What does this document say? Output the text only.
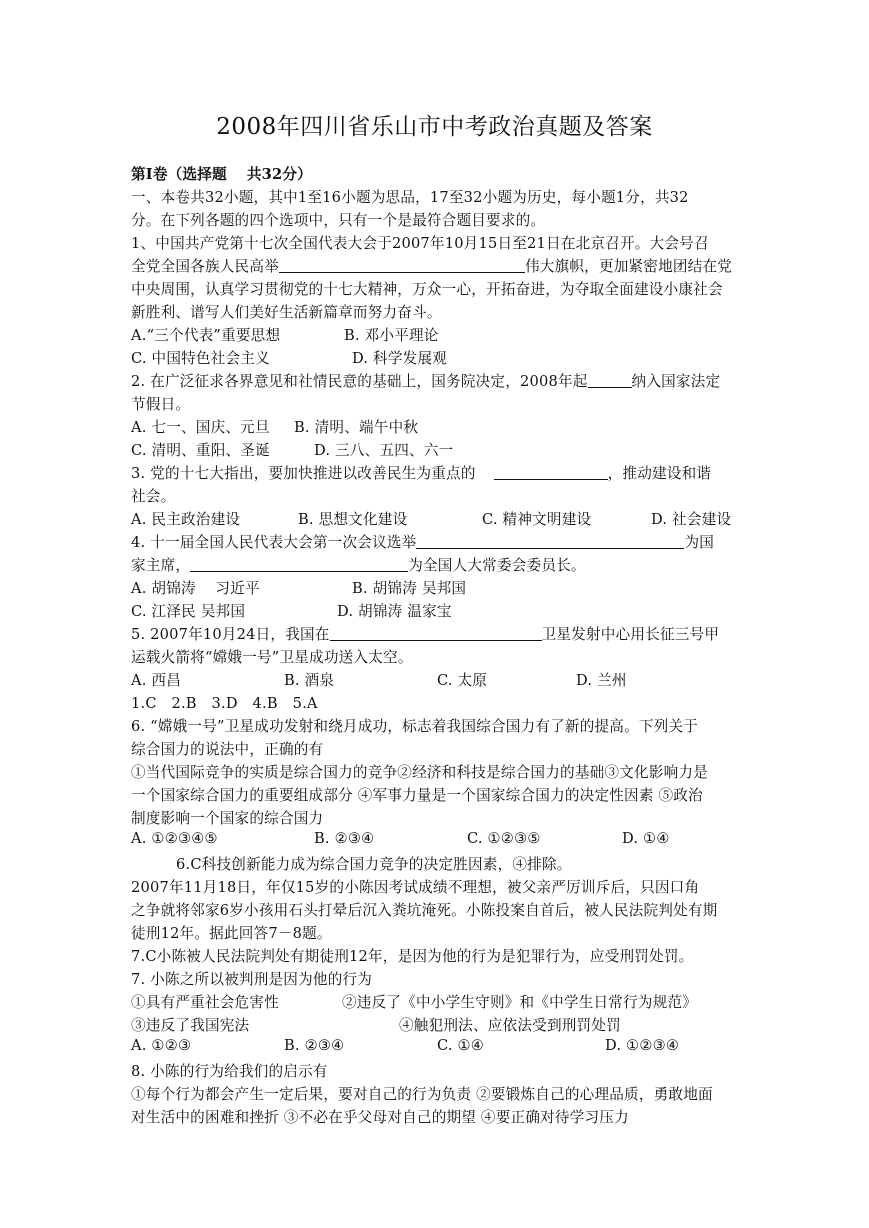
2008年四川省乐山市中考政治真题及答案
第Ⅰ卷（选择题　 共32分）
一、本卷共32小题，其中1至16小题为思品，17至32小题为历史，每小题1分，共32
分。在下列各题的四个选项中，只有一个是最符合题目要求的。
1、中国共产党第十七次全国代表大会于2007年10月15日至21日在北京召开。大会号召
全党全国各族人民高举	伟大旗帜，更加紧密地团结在党
中央周围，认真学习贯彻党的十七大精神，万众一心，开拓奋进，为夺取全面建设小康社会
新胜利、谱写人们美好生活新篇章而努力奋斗。
A.“三个代表”重要思想	B. 邓小平理论
C. 中国特色社会主义	D. 科学发展观
2. 在广泛征求各界意见和社情民意的基础上，国务院决定，2008年起	纳入国家法定
节假日。
A. 七一、国庆、元旦 B. 清明、端午中秋
C. 清明、重阳、圣诞	D. 三八、五四、六一
3. 党的十七大指出，要加快推进以改善民生为重点的	，推动建设和谐
社会。
A. 民主政治建设	B. 思想文化建设	C. 精神文明建设	D. 社会建设
4. 十一届全国人民代表大会第一次会议选举	为国
家主席，	为全国人大常委会委员长。
A. 胡锦涛　 习近平	B. 胡锦涛 吴邦国
C. 江泽民 吴邦国	D. 胡锦涛 温家宝
5. 2007年10月24日，我国在	卫星发射中心用长征三号甲
运载火箭将“嫦娥一号”卫星成功送入太空。
A. 西昌	B. 酒泉	C. 太原	D. 兰州
1.C　2.B　3.D　4.B　5.A
6. “嫦娥一号”卫星成功发射和绕月成功，标志着我国综合国力有了新的提高。下列关于
综合国力的说法中，正确的有
①当代国际竞争的实质是综合国力的竞争②经济和科技是综合国力的基础③文化影响力是
一个国家综合国力的重要组成部分 ④军事力量是一个国家综合国力的决定性因素 ⑤政治
制度影响一个国家的综合国力
A. ①②③④⑤	B. ②③④	C. ①②③⑤	D. ①④
6.C科技创新能力成为综合国力竞争的决定胜因素，④排除。
2007年11月18日，年仅15岁的小陈因考试成绩不理想，被父亲严厉训斥后，只因口角
之争就将邻家6岁小孩用石头打晕后沉入粪坑淹死。小陈投案自首后，被人民法院判处有期
徒刑12年。据此回答7－8题。
7.C小陈被人民法院判处有期徒刑12年，是因为他的行为是犯罪行为，应受刑罚处罚。
7. 小陈之所以被判刑是因为他的行为
①具有严重社会危害性	②违反了《中小学生守则》和《中学生日常行为规范》
③违反了我国宪法	④触犯刑法、应依法受到刑罚处罚
A. ①②③	B. ②③④	C. ①④	D. ①②③④
8. 小陈的行为给我们的启示有
①每个行为都会产生一定后果，要对自己的行为负责 ②要锻炼自己的心理品质，勇敢地面
对生活中的困难和挫折 ③不必在乎父母对自己的期望 ④要正确对待学习压力
